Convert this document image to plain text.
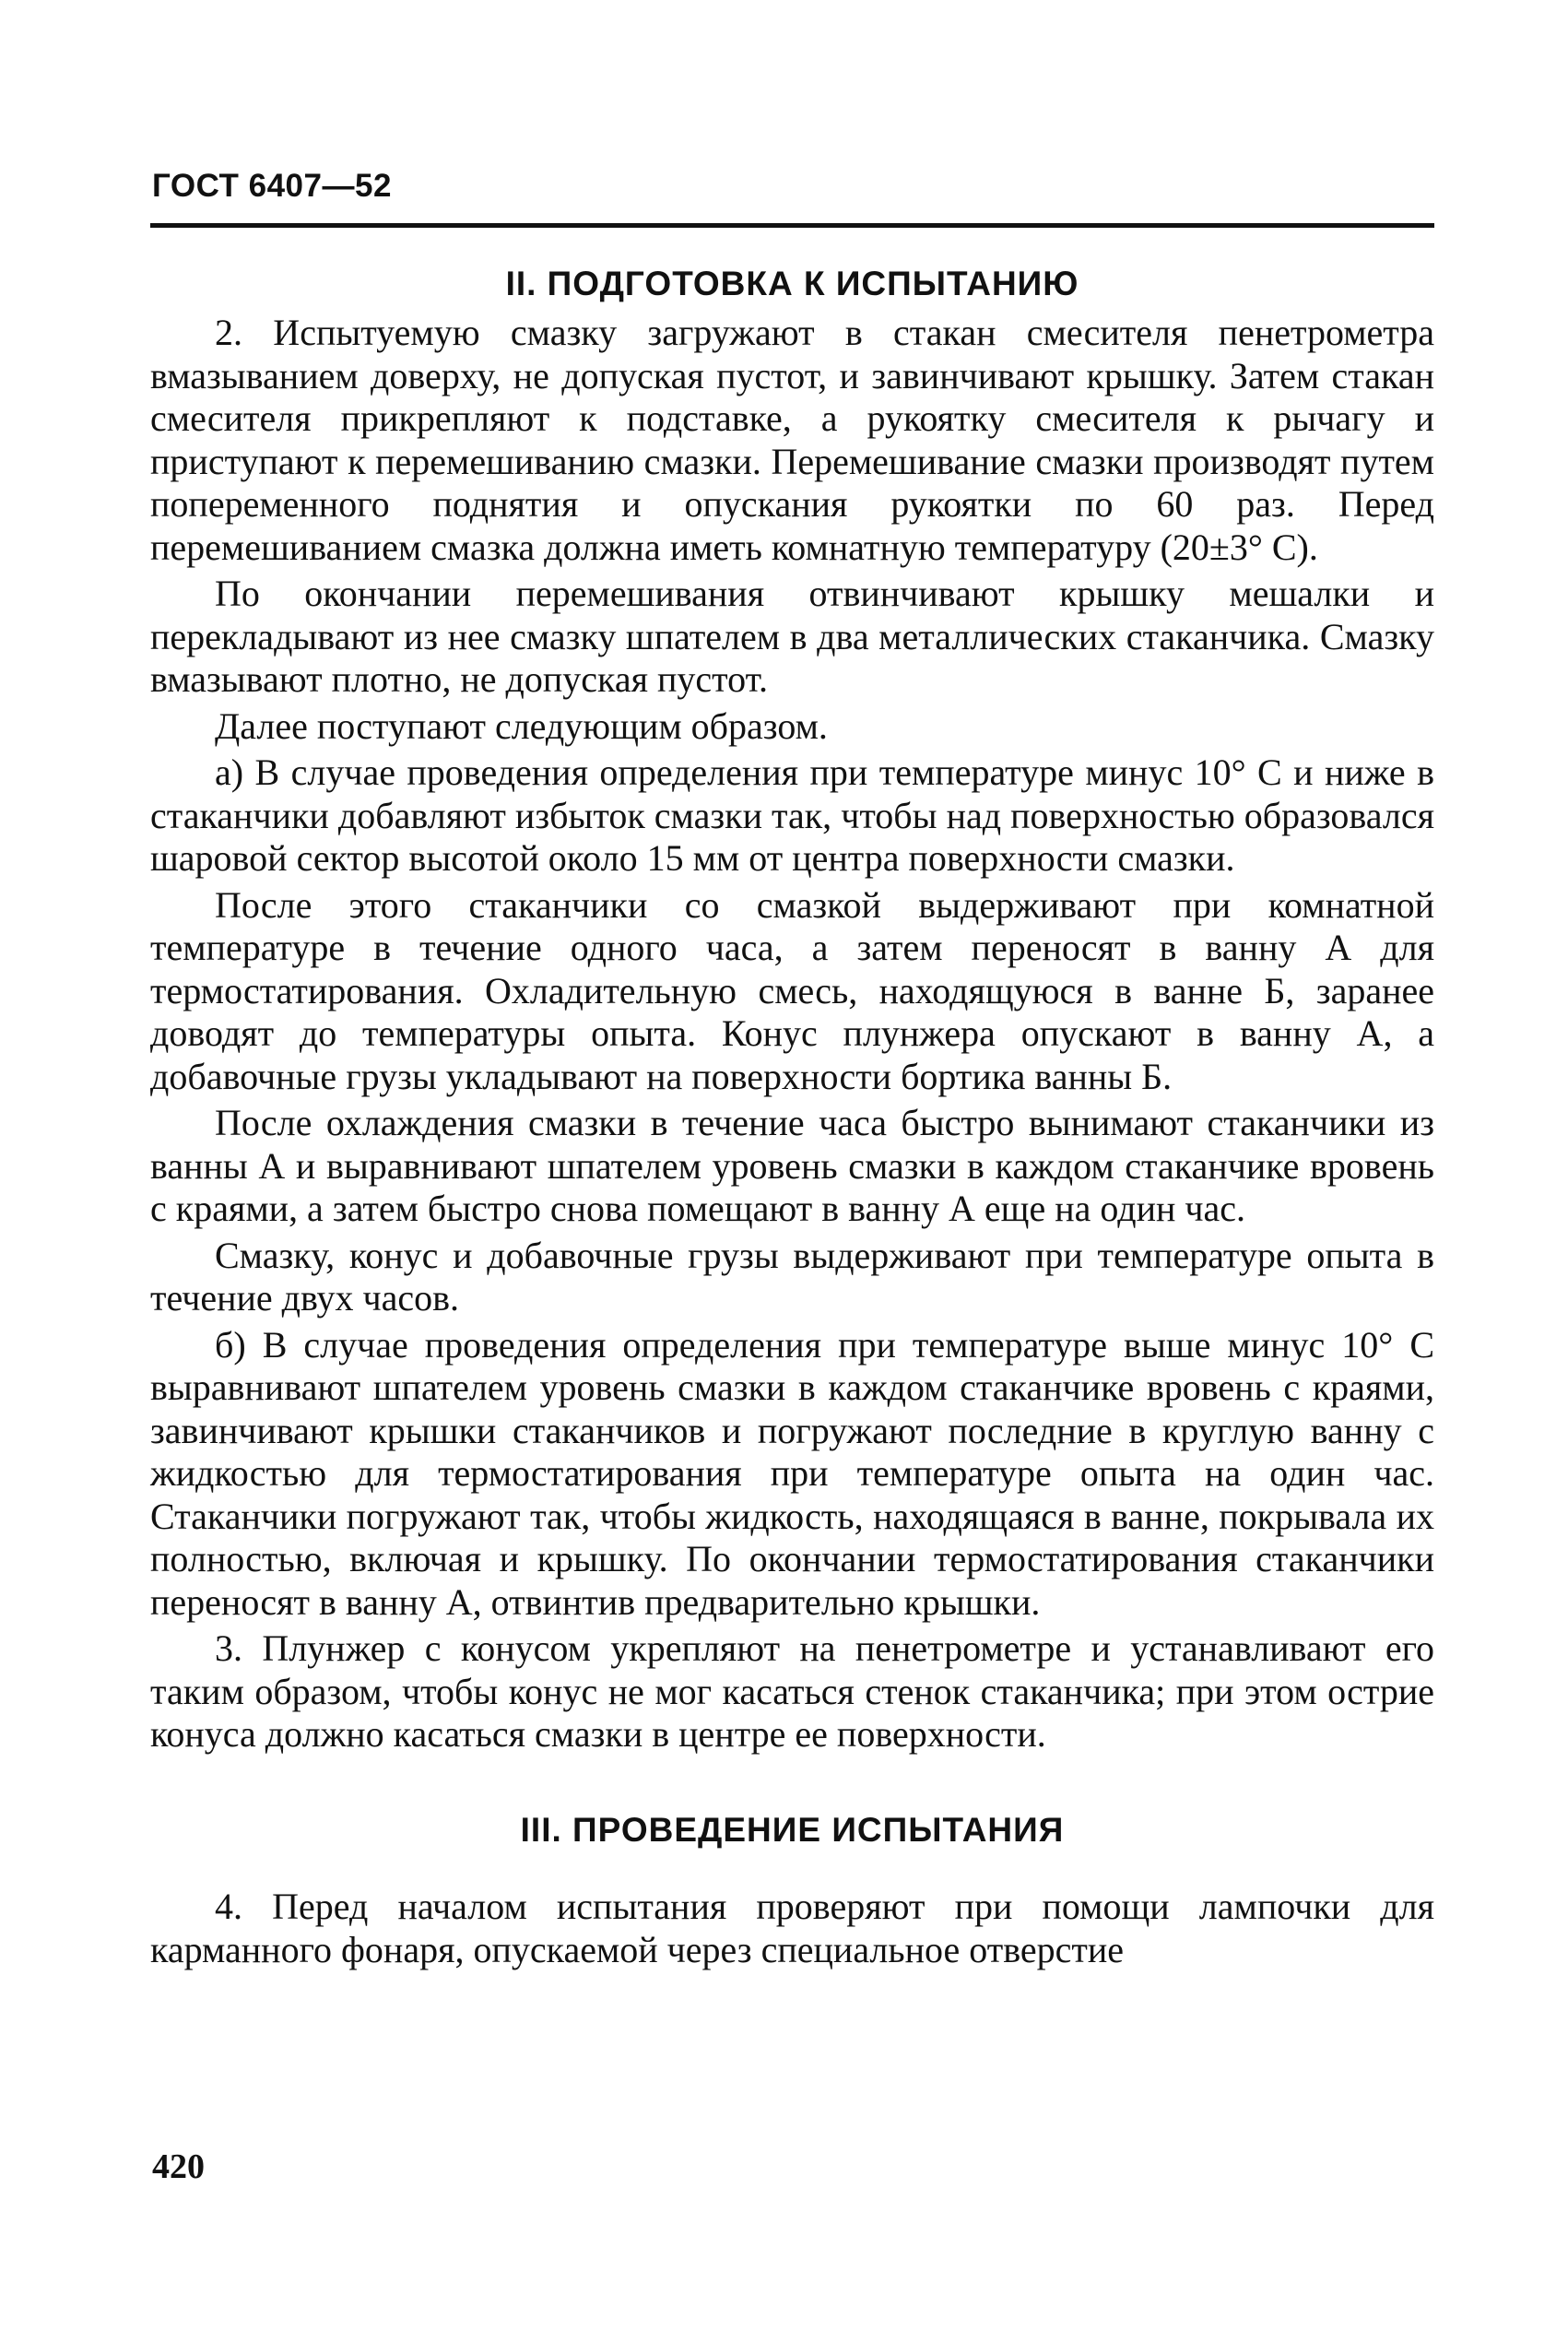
ГОСТ 6407—52
II. ПОДГОТОВКА К ИСПЫТАНИЮ

2. Испытуемую смазку загружают в стакан смесителя пенетрометра вмазыванием доверху, не допуская пустот, и завинчивают крышку. Затем стакан смесителя прикрепляют к подставке, а рукоятку смесителя к рычагу и приступают к перемешиванию смазки. Перемешивание смазки производят путем попеременного поднятия и опускания рукоятки по 60 раз. Перед перемешиванием смазка должна иметь комнатную температуру (20±3° С).

По окончании перемешивания отвинчивают крышку мешалки и перекладывают из нее смазку шпателем в два металлических стаканчика. Смазку вмазывают плотно, не допуская пустот.

Далее поступают следующим образом.

а) В случае проведения определения при температуре минус 10° С и ниже в стаканчики добавляют избыток смазки так, чтобы над поверхностью образовался шаровой сектор высотой около 15 мм от центра поверхности смазки.

После этого стаканчики со смазкой выдерживают при комнатной температуре в течение одного часа, а затем переносят в ванну А для термостатирования. Охладительную смесь, находящуюся в ванне Б, заранее доводят до температуры опыта. Конус плунжера опускают в ванну А, а добавочные грузы укладывают на поверхности бортика ванны Б.

После охлаждения смазки в течение часа быстро вынимают стаканчики из ванны А и выравнивают шпателем уровень смазки в каждом стаканчике вровень с краями, а затем быстро снова помещают в ванну А еще на один час.

Смазку, конус и добавочные грузы выдерживают при температуре опыта в течение двух часов.

б) В случае проведения определения при температуре выше минус 10° С выравнивают шпателем уровень смазки в каждом стаканчике вровень с краями, завинчивают крышки стаканчиков и погружают последние в круглую ванну с жидкостью для термостатирования при температуре опыта на один час. Стаканчики погружают так, чтобы жидкость, находящаяся в ванне, покрывала их полностью, включая и крышку. По окончании термостатирования стаканчики переносят в ванну А, отвинтив предварительно крышки.

3. Плунжер с конусом укрепляют на пенетрометре и устанавливают его таким образом, чтобы конус не мог касаться стенок стаканчика; при этом острие конуса должно касаться смазки в центре ее поверхности.

III. ПРОВЕДЕНИЕ ИСПЫТАНИЯ

4. Перед началом испытания проверяют при помощи лампочки для карманного фонаря, опускаемой через специальное отверстие

420
